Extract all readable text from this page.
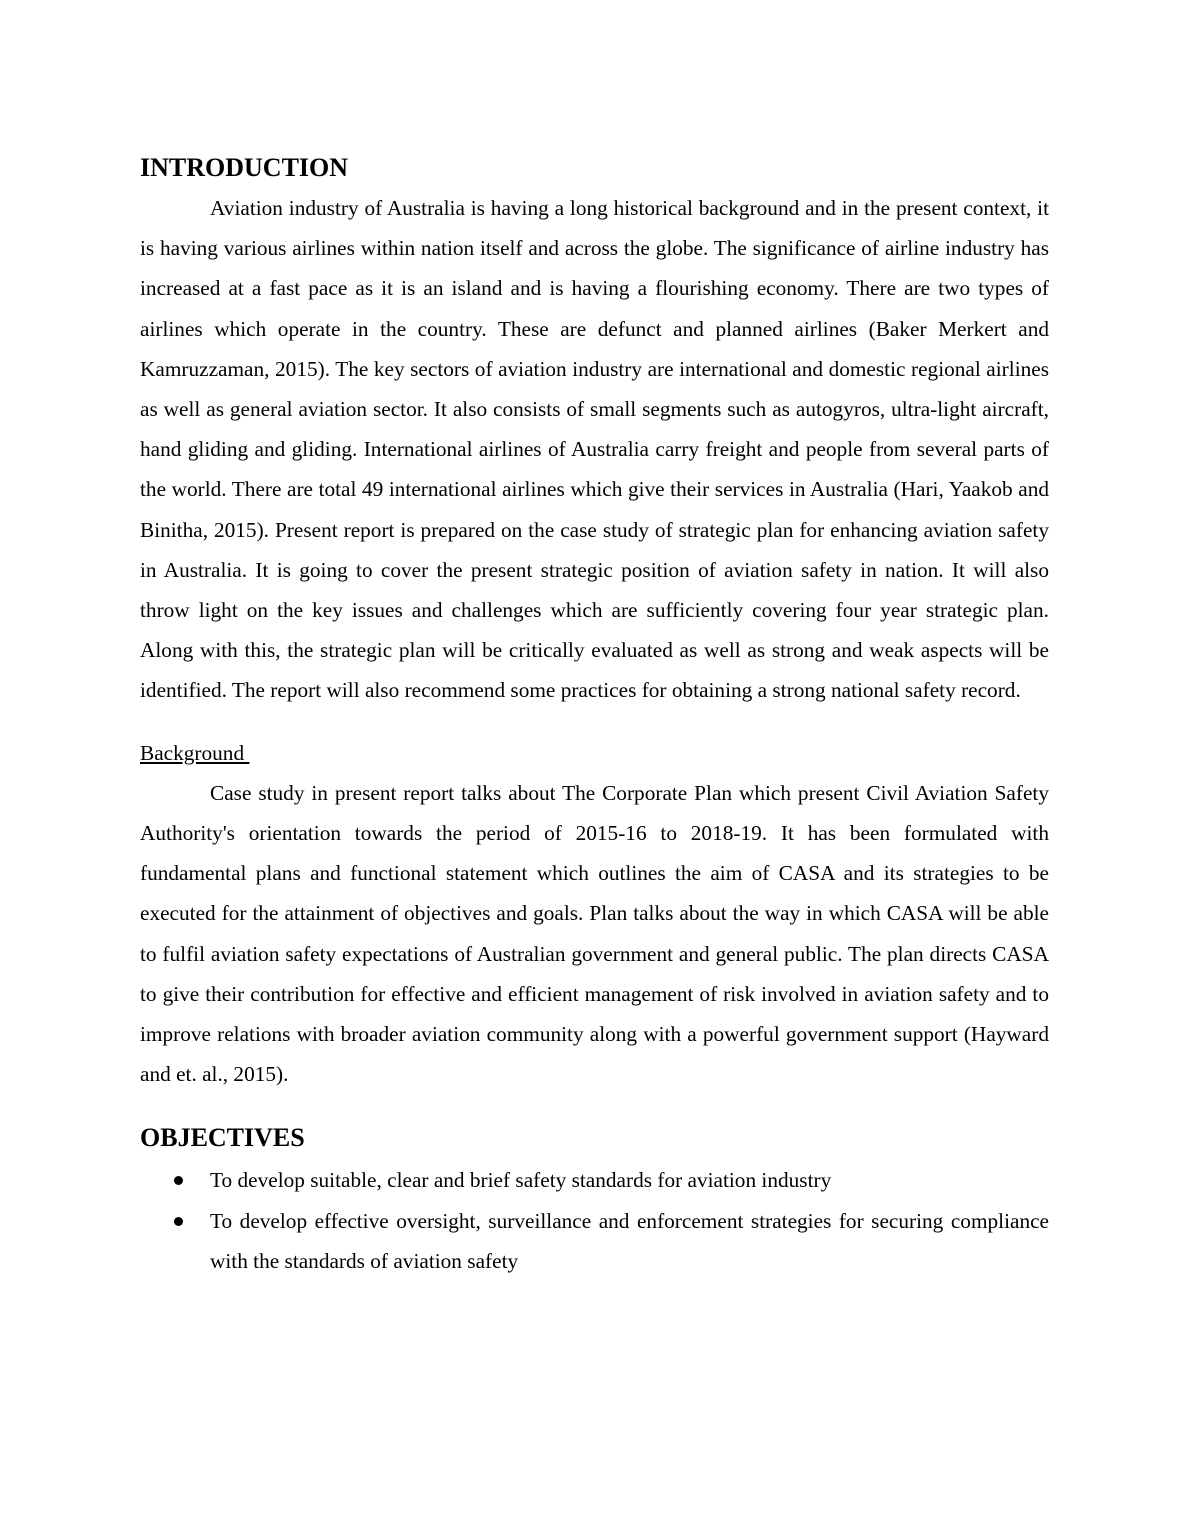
INTRODUCTION

Aviation industry of Australia is having a long historical background and in the present context, it is having various airlines within nation itself and across the globe. The significance of airline industry has increased at a fast pace as it is an island and is having a flourishing economy. There are two types of airlines which operate in the country. These are defunct and planned airlines (Baker Merkert and Kamruzzaman, 2015). The key sectors of aviation industry are international and domestic regional airlines as well as general aviation sector. It also consists of small segments such as autogyros, ultra-light aircraft, hand gliding and gliding. International airlines of Australia carry freight and people from several parts of the world. There are total 49 international airlines which give their services in Australia (Hari, Yaakob and Binitha, 2015). Present report is prepared on the case study of strategic plan for enhancing aviation safety in Australia. It is going to cover the present strategic position of aviation safety in nation. It will also throw light on the key issues and challenges which are sufficiently covering four year strategic plan. Along with this, the strategic plan will be critically evaluated as well as strong and weak aspects will be identified. The report will also recommend some practices for obtaining a strong national safety record.

Background

Case study in present report talks about The Corporate Plan which present Civil Aviation Safety Authority's orientation towards the period of 2015-16 to 2018-19. It has been formulated with fundamental plans and functional statement which outlines the aim of CASA and its strategies to be executed for the attainment of objectives and goals. Plan talks about the way in which CASA will be able to fulfil aviation safety expectations of Australian government and general public. The plan directs CASA to give their contribution for effective and efficient management of risk involved in aviation safety and to improve relations with broader aviation community along with a powerful government support (Hayward and et. al., 2015).

OBJECTIVES
To develop suitable, clear and brief safety standards for aviation industry
To develop effective oversight, surveillance and enforcement strategies for securing compliance with the standards of aviation safety
